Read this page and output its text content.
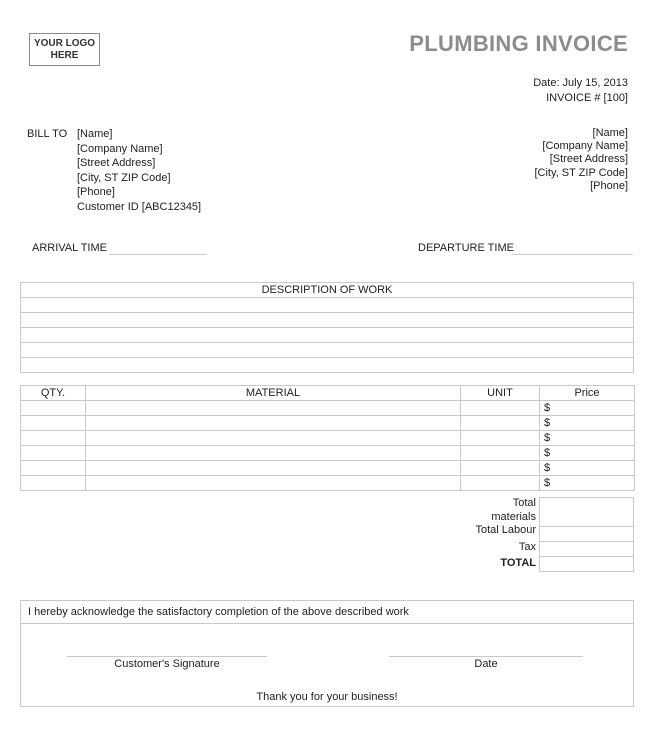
YOUR LOGO
HERE	PLUMBING INVOICE
Date: July 15, 2013
INVOICE # [100]
BILL TO [Name]
[Company Name]
[Street Address]
[City, ST ZIP Code]
[Phone]
Customer ID [ABC12345]
[Name]
[Company Name]
[Street Address]
[City, ST ZIP Code]
[Phone]
ARRIVAL TIME	DEPARTURE TIME
DESCRIPTION OF WORK

QTY.	MATERIAL	UNIT	Price
			$
			$
			$
			$
			$
			$
Total
materials
Total Labour
Tax
TOTAL
I hereby acknowledge the satisfactory completion of the above described work
Customer's Signature	Date
Thank you for your business!
